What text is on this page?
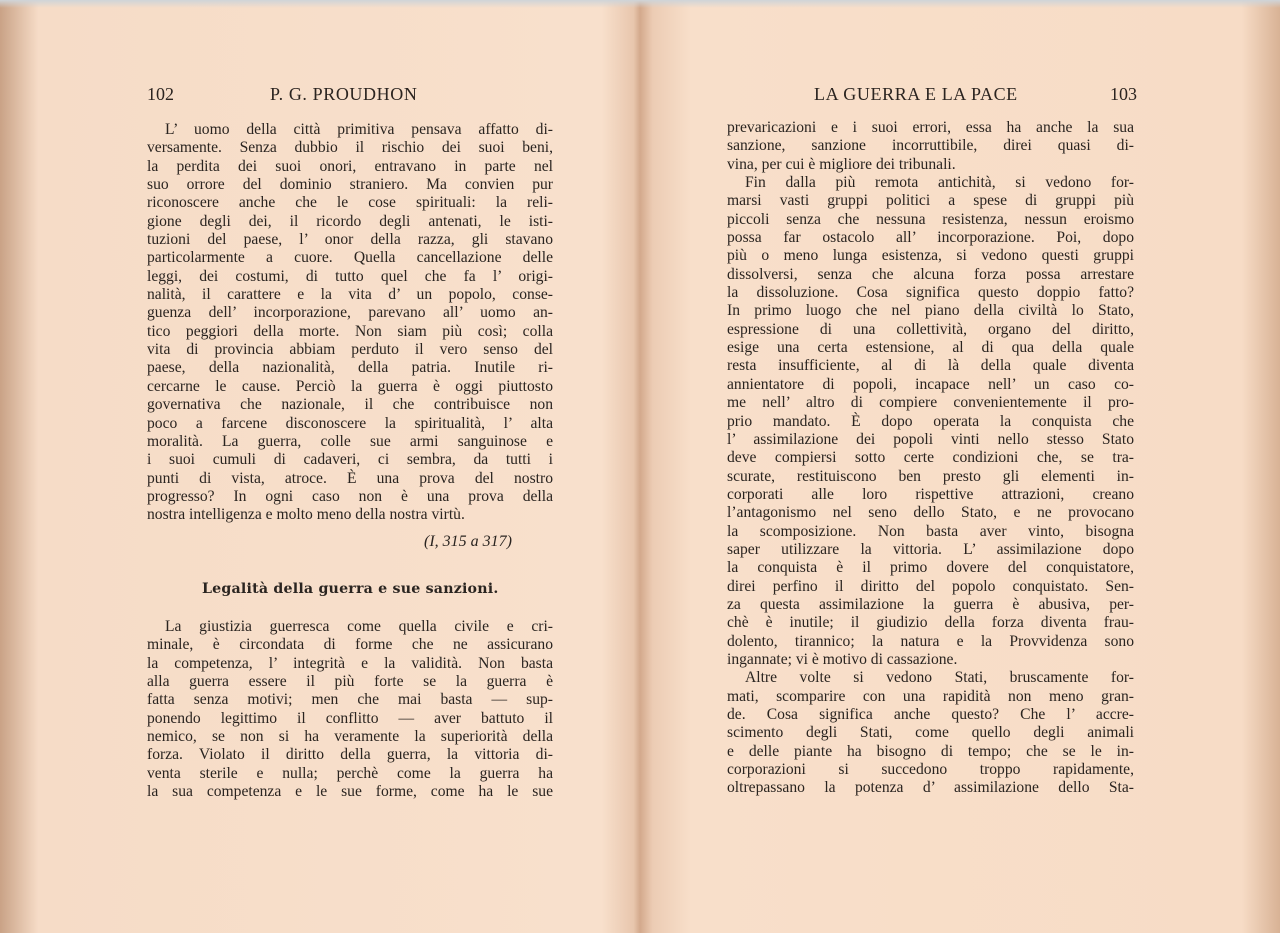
102	P. G. PROUDHON
L’ uomo della città primitiva pensava affatto di-
versamente. Senza dubbio il rischio dei suoi beni,
la perdita dei suoi onori, entravano in parte nel
suo orrore del dominio straniero. Ma convien pur
riconoscere anche che le cose spirituali: la reli-
gione degli dei, il ricordo degli antenati, le isti-
tuzioni del paese, l’ onor della razza, gli stavano
particolarmente a cuore. Quella cancellazione delle
leggi, dei costumi, di tutto quel che fa l’ origi-
nalità, il carattere e la vita d’ un popolo, conse-
guenza dell’ incorporazione, parevano all’ uomo an-
tico peggiori della morte. Non siam più così; colla
vita di provincia abbiam perduto il vero senso del
paese, della nazionalità, della patria. Inutile ri-
cercarne le cause. Perciò la guerra è oggi piuttosto
governativa che nazionale, il che contribuisce non
poco a farcene disconoscere la spiritualità, l’ alta
moralità. La guerra, colle sue armi sanguinose e
i suoi cumuli di cadaveri, ci sembra, da tutti i
punti di vista, atroce. È una prova del nostro
progresso? In ogni caso non è una prova della
nostra intelligenza e molto meno della nostra virtù.
(I, 315 a 317)
Legalità della guerra e sue sanzioni.
La giustizia guerresca come quella civile e cri-
minale, è circondata di forme che ne assicurano
la competenza, l’ integrità e la validità. Non basta
alla guerra essere il più forte se la guerra è
fatta senza motivi; men che mai basta — sup-
ponendo legittimo il conflitto — aver battuto il
nemico, se non si ha veramente la superiorità della
forza. Violato il diritto della guerra, la vittoria di-
venta sterile e nulla; perchè come la guerra ha
la sua competenza e le sue forme, come ha le sue
LA GUERRA E LA PACE	103
prevaricazioni e i suoi errori, essa ha anche la sua
sanzione, sanzione incorruttibile, direi quasi di-
vina, per cui è migliore dei tribunali.
Fin dalla più remota antichità, si vedono for-
marsi vasti gruppi politici a spese di gruppi più
piccoli senza che nessuna resistenza, nessun eroismo
possa far ostacolo all’ incorporazione. Poi, dopo
più o meno lunga esistenza, si vedono questi gruppi
dissolversi, senza che alcuna forza possa arrestare
la dissoluzione. Cosa significa questo doppio fatto?
In primo luogo che nel piano della civiltà lo Stato,
espressione di una collettività, organo del diritto,
esige una certa estensione, al di qua della quale
resta insufficiente, al di là della quale diventa
annientatore di popoli, incapace nell’ un caso co-
me nell’ altro di compiere convenientemente il pro-
prio mandato. È dopo operata la conquista che
l’ assimilazione dei popoli vinti nello stesso Stato
deve compiersi sotto certe condizioni che, se tra-
scurate, restituiscono ben presto gli elementi in-
corporati alle loro rispettive attrazioni, creano
l’antagonismo nel seno dello Stato, e ne provocano
la scomposizione. Non basta aver vinto, bisogna
saper utilizzare la vittoria. L’ assimilazione dopo
la conquista è il primo dovere del conquistatore,
direi perfino il diritto del popolo conquistato. Sen-
za questa assimilazione la guerra è abusiva, per-
chè è inutile; il giudizio della forza diventa frau-
dolento, tirannico; la natura e la Provvidenza sono
ingannate; vi è motivo di cassazione.
Altre volte si vedono Stati, bruscamente for-
mati, scomparire con una rapidità non meno gran-
de. Cosa significa anche questo? Che l’ accre-
scimento degli Stati, come quello degli animali
e delle piante ha bisogno di tempo; che se le in-
corporazioni si succedono troppo rapidamente,
oltrepassano la potenza d’ assimilazione dello Sta-
